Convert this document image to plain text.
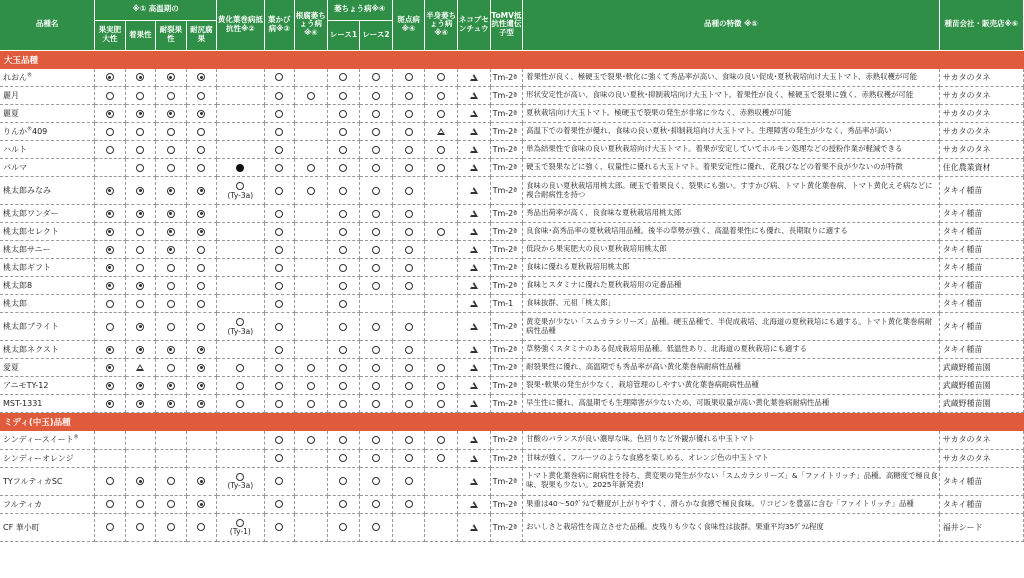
品種名	※① 高温期の				黄化葉巻病抵抗性※②	葉かび病※③	根腐萎ちょう病※④	萎ちょう病※④		斑点病※④	半身萎ちょう病※④	ネコブセンチュウ	ToMV抵抗性遺伝子型	品種の特徴 ※⑤	種苗会社・販売店※⑥
	果実肥大性	着果性	耐裂果性	耐尻腐果				レース1	レース2						
大玉品種															
れおん®													Tm-2ª	着果性が良く、極硬玉で裂果･軟化に強くて秀品率が高い、食味の良い促成･夏秋栽培向け大玉トマト、赤熟収穫が可能	サカタのタネ
麗月													Tm-2ª	形状安定性が高い、食味の良い夏秋･抑制栽培向け大玉トマト。着果性が良く、極硬玉で裂果に強く、赤熟収穫が可能	サカタのタネ
麗夏													Tm-2ª	夏秋栽培向け大玉トマト。極硬玉で裂果の発生が非常に少なく、赤熟収穫が可能	サカタのタネ
りんか®409													Tm-2ª	高温下での着果性が優れ、食味の良い夏秋･抑制栽培向け大玉トマト。生理障害の発生が少なく、秀品率が高い	サカタのタネ
ハルト													Tm-2ª	単為結果性で食味の良い夏秋栽培向け大玉トマト。着果が安定していてホルモン処理などの授粉作業が軽減できる	サカタのタネ
パルマ													Tm-2ª	硬玉で裂果などに強く、収量性に優れる大玉トマト。着果安定性に優れ、花飛びなどの着果不良が少ないのが特徴	住化農業資材
桃太郎みなみ					(Ty-3a)								Tm-2ª	食味の良い夏秋栽培用桃太郎。硬玉で着果良く、裂果にも強い。すすかび病、トマト黄化葉巻病、トマト黄化えそ病などに複合耐病性を持つ	タキイ種苗
桃太郎ワンダー													Tm-2ª	秀品出荷率が高く、良食味な夏秋栽培用桃太郎	タキイ種苗
桃太郎セレクト													Tm-2ª	良食味･高秀品率の夏秋栽培用品種。後半の草勢が強く、高温着果性にも優れ、長期取りに適する	タキイ種苗
桃太郎サニー													Tm-2ª	低段から果実肥大の良い夏秋栽培用桃太郎	タキイ種苗
桃太郎ギフト													Tm-2ª	食味に優れる夏秋栽培用桃太郎	タキイ種苗
桃太郎8													Tm-2ª	食味とスタミナに優れた夏秋栽培用の定番品種	タキイ種苗
桃太郎													Tm-1	食味抜群、元祖「桃太郎」	タキイ種苗
桃太郎ブライト					(Ty-3a)								Tm-2ª	黄変果が少ない「スムカラシリーズ」品種。硬玉品種で、半促成栽培、北海道の夏秋栽培にも適する。トマト黄化葉巻病耐病性品種	タキイ種苗
桃太郎ネクスト													Tm-2ª	草勢強くスタミナのある促成栽培用品種。低温性あり、北海道の夏秋栽培にも適する	タキイ種苗
愛夏													Tm-2ª	耐裂果性に優れ、高温期でも秀品率が高い黄化葉巻病耐病性品種	武蔵野種苗園
アニモTY-12													Tm-2ª	裂果･軟果の発生が少なく、栽培管理のしやすい黄化葉巻病耐病性品種	武蔵野種苗園
MST-1331													Tm-2ª	早生性に優れ、高温期でも生理障害が少ないため、可販果収量が高い黄化葉巻病耐病性品種	武蔵野種苗園
ミディ(中玉)品種															
シンディースイート®													Tm-2ª	甘酸のバランスが良い濃厚な味。色回りなど外観が優れる中玉トマト	サカタのタネ
シンディーオレンジ													Tm-2ª	甘味が強く、フルーツのような食感を楽しめる、オレンジ色の中玉トマト	サカタのタネ
TYフルティカSC					(Ty-3a)								Tm-2ª	トマト黄化葉巻病に耐病性を持ち、黄変果の発生が少ない「スムカラシリーズ」&「ファイトリッチ」品種。高糖度で極良食味、裂果も少ない。2025年新発表!	タキイ種苗
フルティカ													Tm-2ª	果重は40～50ｸﾞﾗﾑで糖度が上がりやすく、滑らかな食感で極良食味。リコピンを豊富に含む「ファイトリッチ」品種	タキイ種苗
CF 華小町					(Ty-1)								Tm-2ª	おいしさと栽培性を両立させた品種。皮残りも少なく食味性は抜群。果重平均35ｸﾞﾗﾑ程度	福井シード
